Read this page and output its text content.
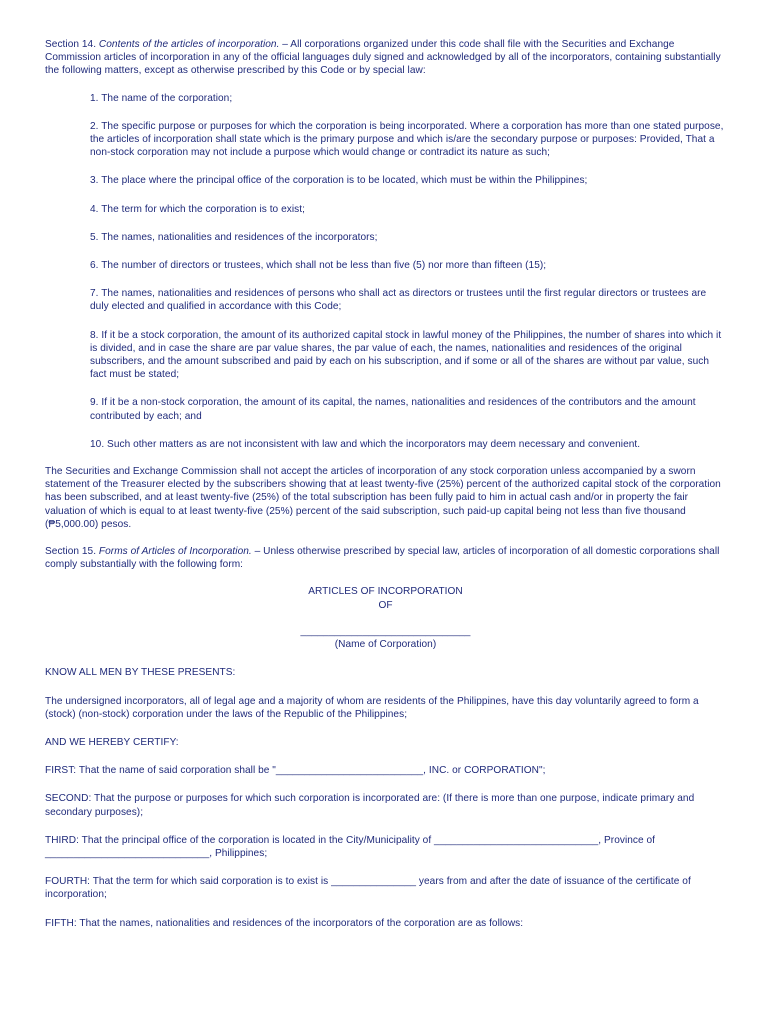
Section 14. Contents of the articles of incorporation. – All corporations organized under this code shall file with the Securities and Exchange Commission articles of incorporation in any of the official languages duly signed and acknowledged by all of the incorporators, containing substantially the following matters, except as otherwise prescribed by this Code or by special law:

1. The name of the corporation;
2. The specific purpose or purposes for which the corporation is being incorporated. Where a corporation has more than one stated purpose, the articles of incorporation shall state which is the primary purpose and which is/are the secondary purpose or purposes: Provided, That a non-stock corporation may not include a purpose which would change or contradict its nature as such;
3. The place where the principal office of the corporation is to be located, which must be within the Philippines;
4. The term for which the corporation is to exist;
5. The names, nationalities and residences of the incorporators;
6. The number of directors or trustees, which shall not be less than five (5) nor more than fifteen (15);
7. The names, nationalities and residences of persons who shall act as directors or trustees until the first regular directors or trustees are duly elected and qualified in accordance with this Code;
8. If it be a stock corporation, the amount of its authorized capital stock in lawful money of the Philippines, the number of shares into which it is divided, and in case the share are par value shares, the par value of each, the names, nationalities and residences of the original subscribers, and the amount subscribed and paid by each on his subscription, and if some or all of the shares are without par value, such fact must be stated;
9. If it be a non-stock corporation, the amount of its capital, the names, nationalities and residences of the contributors and the amount contributed by each; and
10. Such other matters as are not inconsistent with law and which the incorporators may deem necessary and convenient.

The Securities and Exchange Commission shall not accept the articles of incorporation of any stock corporation unless accompanied by a sworn statement of the Treasurer elected by the subscribers showing that at least twenty-five (25%) percent of the authorized capital stock of the corporation has been subscribed, and at least twenty-five (25%) of the total subscription has been fully paid to him in actual cash and/or in property the fair valuation of which is equal to at least twenty-five (25%) percent of the said subscription, such paid-up capital being not less than five thousand (₱5,000.00) pesos.

Section 15. Forms of Articles of Incorporation. – Unless otherwise prescribed by special law, articles of incorporation of all domestic corporations shall comply substantially with the following form:

ARTICLES OF INCORPORATION

OF

______________________________

(Name of Corporation)

KNOW ALL MEN BY THESE PRESENTS:

The undersigned incorporators, all of legal age and a majority of whom are residents of the Philippines, have this day voluntarily agreed to form a (stock) (non-stock) corporation under the laws of the Republic of the Philippines;

AND WE HEREBY CERTIFY:

FIRST: That the name of said corporation shall be "__________________________, INC. or CORPORATION";

SECOND: That the purpose or purposes for which such corporation is incorporated are: (If there is more than one purpose, indicate primary and secondary purposes);

THIRD: That the principal office of the corporation is located in the City/Municipality of _____________________________, Province of _____________________________, Philippines;

FOURTH: That the term for which said corporation is to exist is _______________ years from and after the date of issuance of the certificate of incorporation;

FIFTH: That the names, nationalities and residences of the incorporators of the corporation are as follows:
